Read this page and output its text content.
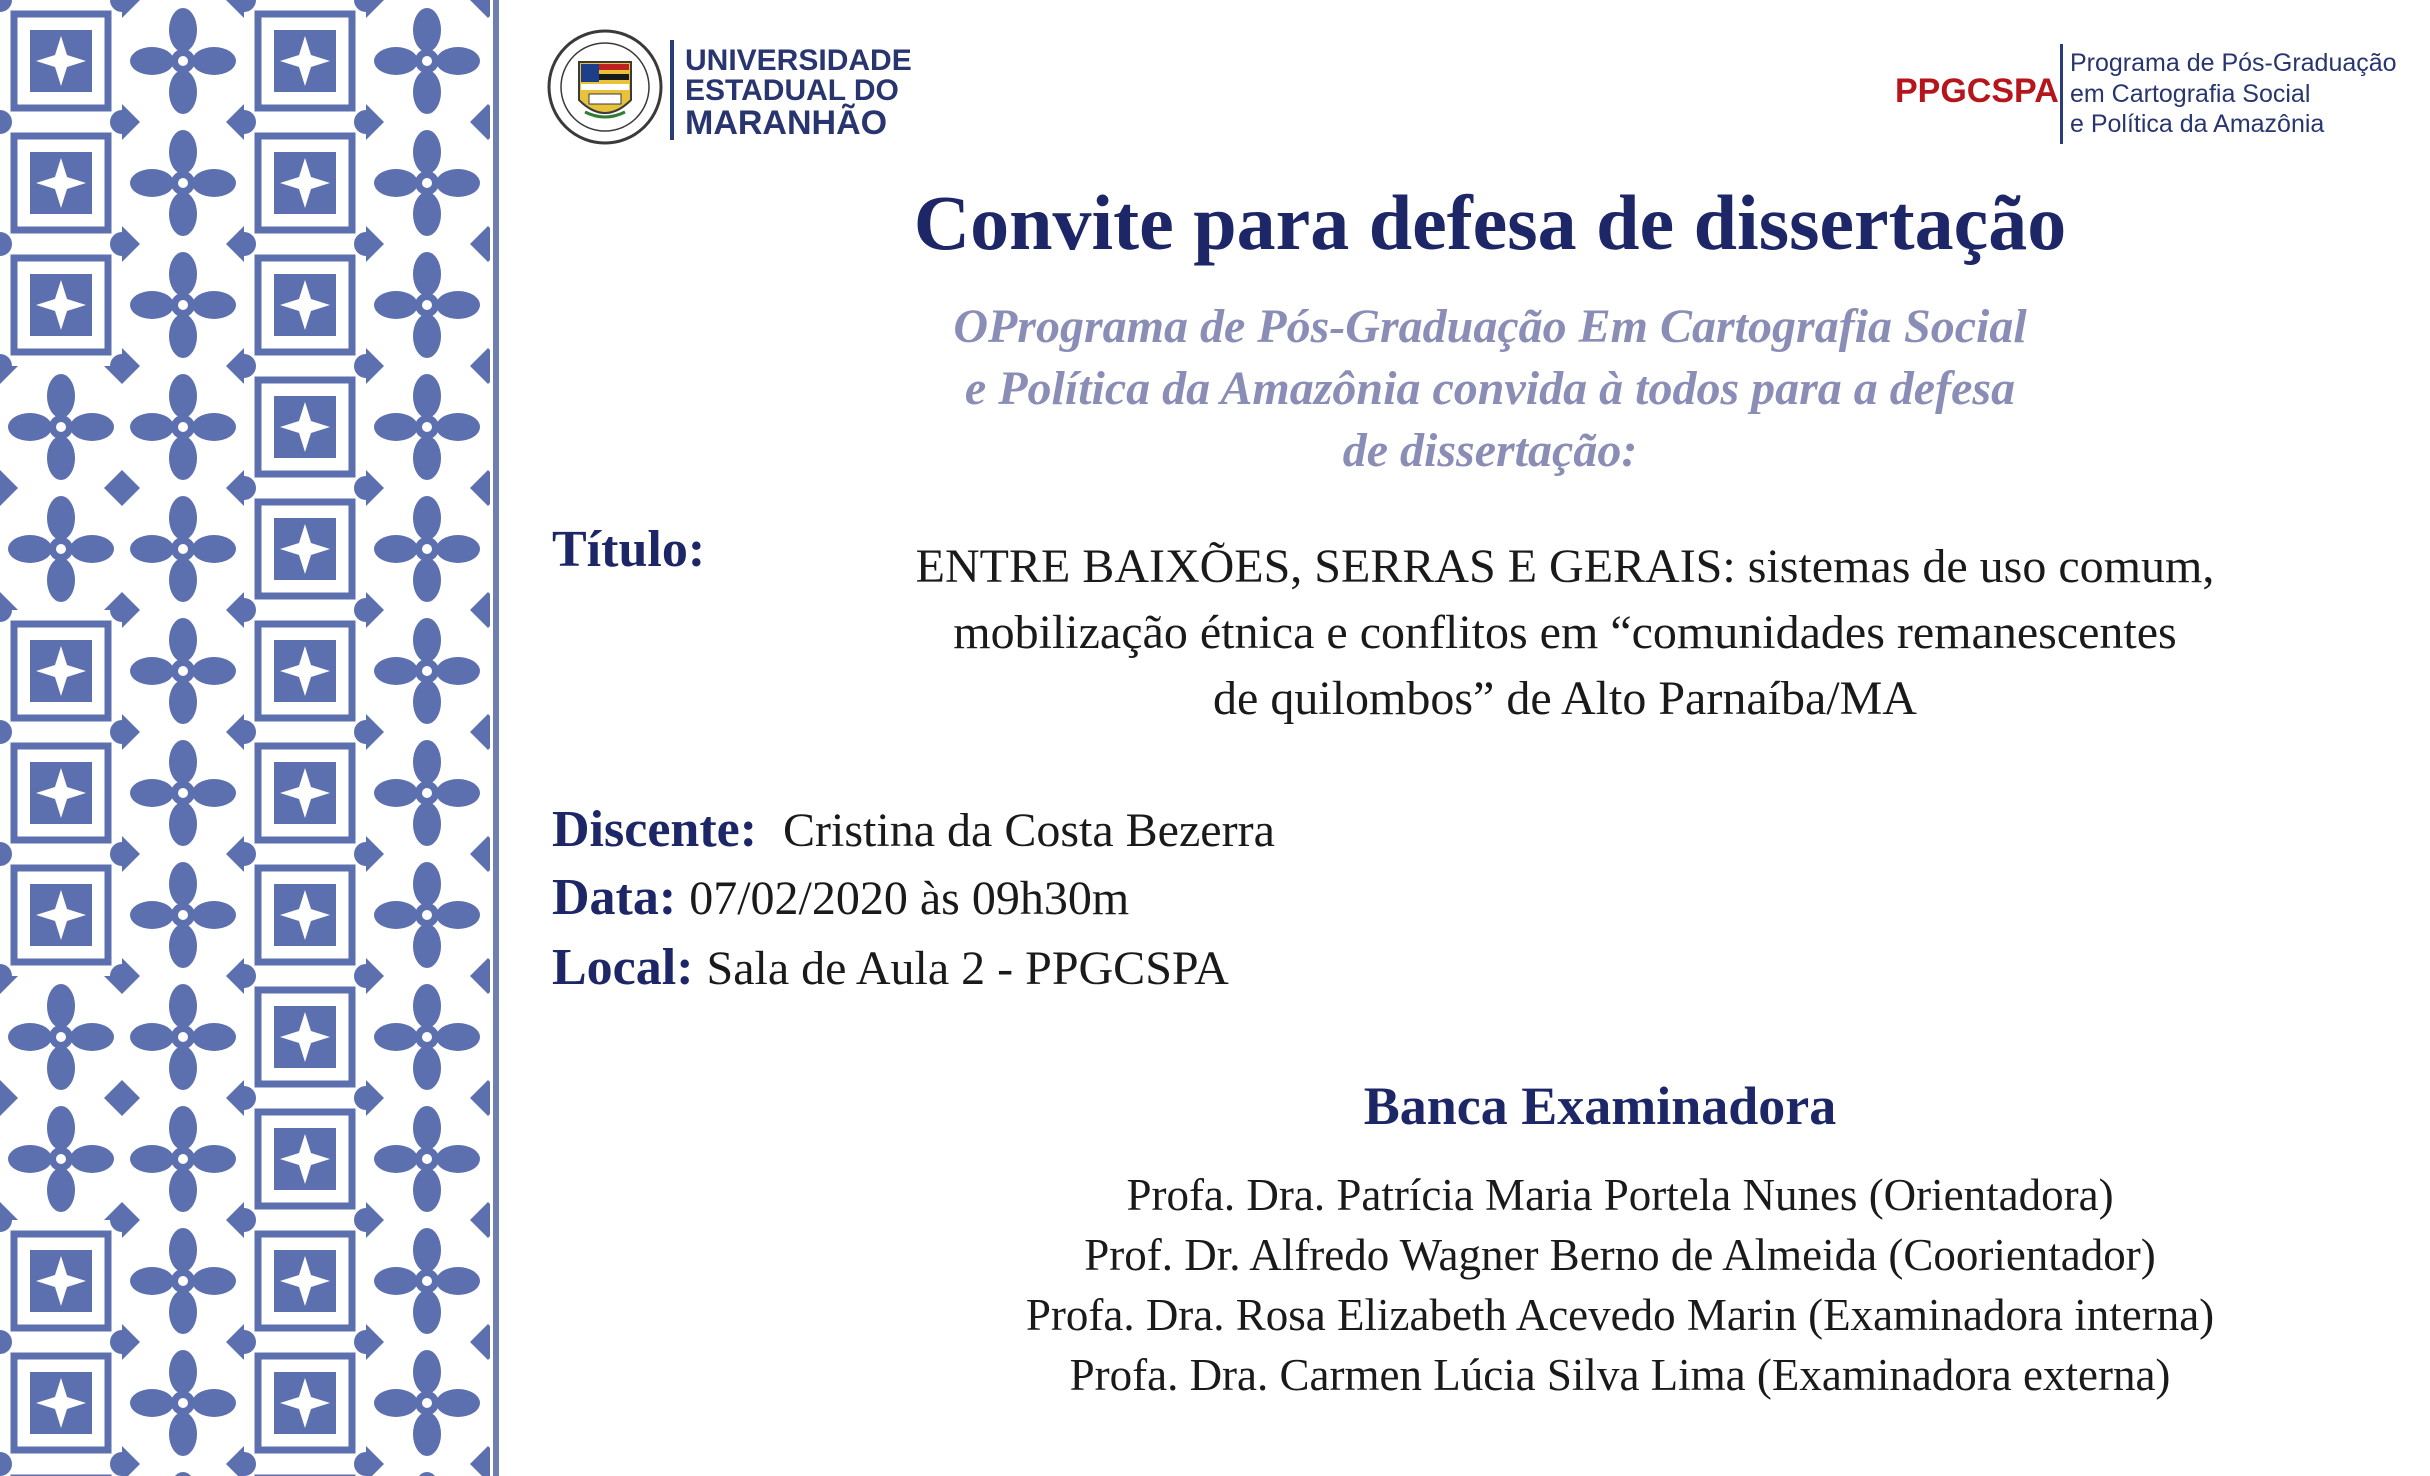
UNIVERSIDADE
ESTADUAL DO
MARANHÃO
PPGCSPA
Programa de Pós-Graduação
em Cartografia Social
e Política da Amazônia
Convite para defesa de dissertação
OPrograma de Pós-Graduação Em Cartografia Social
e Política da Amazônia convida à todos para a defesa
de dissertação:
Título:	ENTRE BAIXÕES, SERRAS E GERAIS: sistemas de uso comum,
mobilização étnica e conflitos em “comunidades remanescentes
de quilombos” de Alto Parnaíba/MA
Discente: Cristina da Costa Bezerra
Data: 07/02/2020 às 09h30m
Local: Sala de Aula 2 - PPGCSPA
Banca Examinadora
Profa. Dra. Patrícia Maria Portela Nunes (Orientadora)
Prof. Dr. Alfredo Wagner Berno de Almeida (Coorientador)
Profa. Dra. Rosa Elizabeth Acevedo Marin (Examinadora interna)
Profa. Dra. Carmen Lúcia Silva Lima (Examinadora externa)
